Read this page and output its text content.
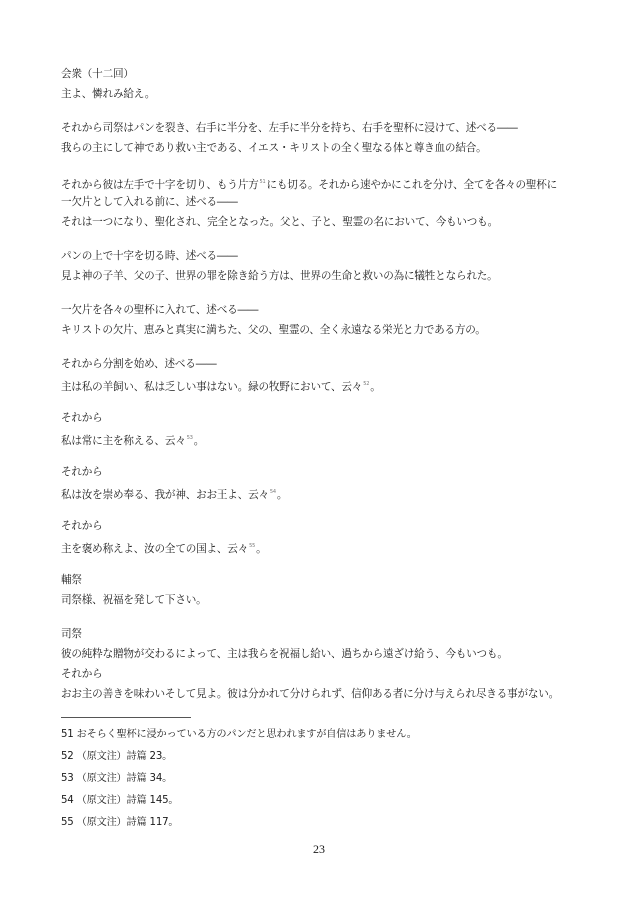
会衆（十二回）
主よ、憐れみ給え。
それから司祭はパンを裂き、右手に半分を、左手に半分を持ち、右手を聖杯に浸けて、述べる――
我らの主にして神であり救い主である、イエス・キリストの全く聖なる体と尊き血の結合。
それから彼は左手で十字を切り、もう片方$^{51}$にも切る。それから速やかにこれを分け、全てを各々の聖杯に
一欠片として入れる前に、述べる――
それは一つになり、聖化され、完全となった。父と、子と、聖霊の名において、今もいつも。
パンの上で十字を切る時、述べる――
見よ神の子羊、父の子、世界の罪を除き給う方は、世界の生命と救いの為に犠牲となられた。
一欠片を各々の聖杯に入れて、述べる――
キリストの欠片、恵みと真実に満ちた、父の、聖霊の、全く永遠なる栄光と力である方の。
それから分割を始め、述べる――
主は私の羊飼い、私は乏しい事はない。緑の牧野において、云々$^{52}$。
それから
私は常に主を称える、云々$^{53}$。
それから
私は汝を崇め奉る、我が神、おお王よ、云々$^{54}$。
それから
主を褒め称えよ、汝の全ての国よ、云々$^{55}$。
輔祭
司祭様、祝福を発して下さい。
司祭
彼の純粋な贈物が交わるによって、主は我らを祝福し給い、過ちから遠ざけ給う、今もいつも。
それから
おお主の善きを味わいそして見よ。彼は分かれて分けられず、信仰ある者に分け与えられ尽きる事がない。
51 おそらく聖杯に浸かっている方のパンだと思われますが自信はありません。
52 （原文注）詩篇 23。
53 （原文注）詩篇 34。
54 （原文注）詩篇 145。
55 （原文注）詩篇 117。
23
